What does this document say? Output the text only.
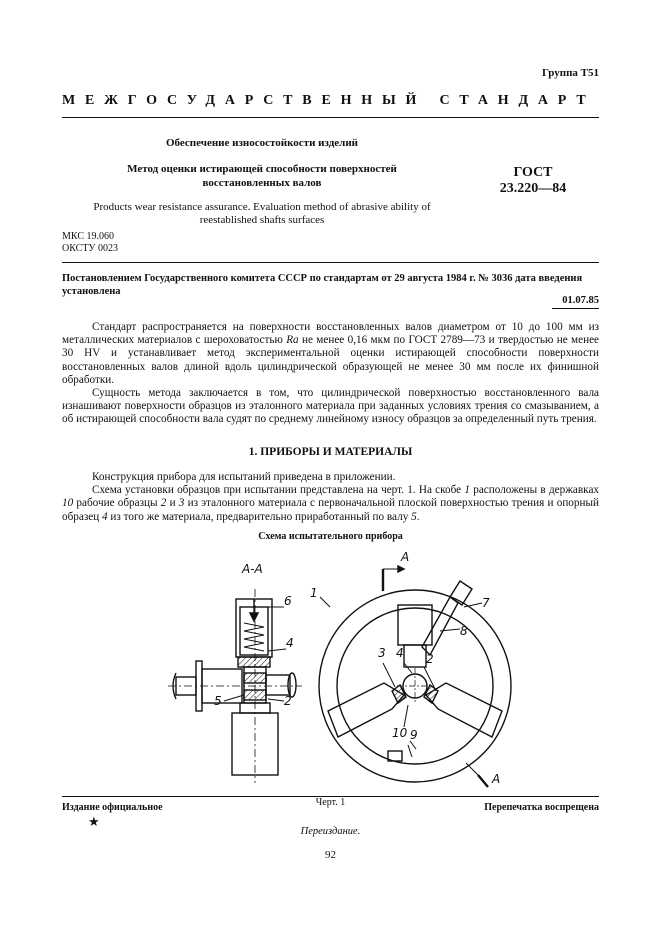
Группа Т51
МЕЖГОСУДАРСТВЕННЫЙ СТАНДАРТ
Обеспечение износостойкости изделий
Метод оценки истирающей способности поверхностей
восстановленных валов
ГОСТ
23.220—84
Products wear resistance assurance. Evaluation method of abrasive ability of
reestablished shafts surfaces
МКС 19.060
ОКСТУ 0023
Постановлением Государственного комитета СССР по стандартам от 29 августа 1984 г. № 3036 дата введения установлена
01.07.85

Стандарт распространяется на поверхности восстановленных валов диаметром от 10 до 100 мм из металлических материалов с шероховатостью Ra не менее 0,16 мкм по ГОСТ 2789—73 и твердостью не менее 30 HV и устанавливает метод экспериментальной оценки истирающей способности поверхности восстановленных валов длиной вдоль цилиндрической образующей не менее 30 мм после их финишной обработки.

Сущность метода заключается в том, что цилиндрической поверхностью восстановленного вала изнашивают поверхности образцов из эталонного материала при заданных условиях трения со смазыванием, а об истирающей способности вала судят по среднему линейному износу образцов за определенный путь трения.

1. ПРИБОРЫ И МАТЕРИАЛЫ

Конструкция прибора для испытаний приведена в приложении.

Схема установки образцов при испытании представлена на черт. 1. На скобе 1 расположены в державках 10 рабочие образцы 2 и 3 из эталонного материала с первоначальной плоской поверхностью трения и опорный образец 4 из того же материала, предварительно приработанный по валу 5.

Схема испытательного прибора
А-А
6
4
2
5
А
А
1
7
8
3 4 2
10 9
Черт. 1
Издание официальное	Перепечатка воспрещена
★
Переиздание.
92
